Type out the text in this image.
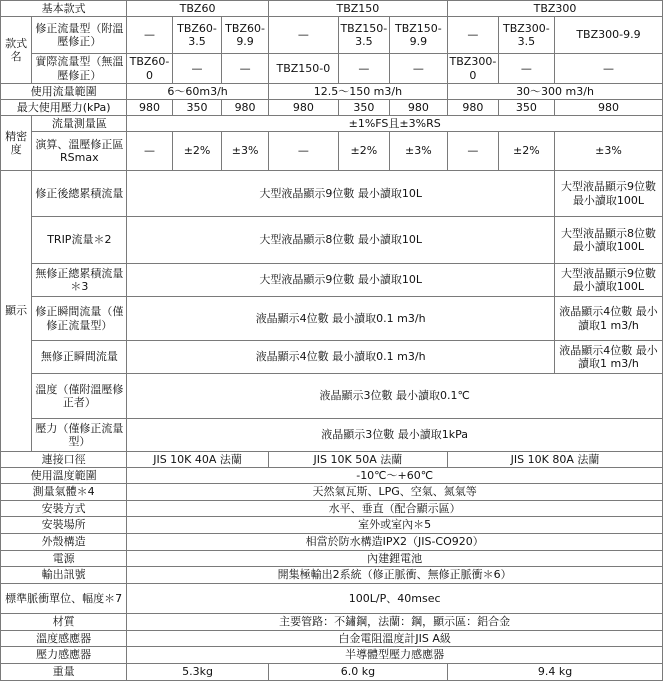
基本款式		TBZ60			TBZ150			TBZ300		
款式名	修正流量型（附溫壓修正）	—	TBZ60-3.5	TBZ60-9.9	—	TBZ150-3.5	TBZ150-9.9	—	TBZ300-3.5	TBZ300-9.9
	實際流量型（無溫壓修正）	TBZ60-0	—	—	TBZ150-0	—	—	TBZ300-0	—	—
使用流量範圍		6〜60m3/h			12.5〜150 m3/h			30〜300 m3/h		
最大使用壓力(kPa)		980	350	980	980	350	980	980	350	980
精密度	流量測量區	±1%FS且±3%RS								
	演算、溫壓修正區RSmax	—	±2%	±3%	—	±2%	±3%	—	±2%	±3%
顯示	修正後總累積流量	大型液晶顯示9位數 最小讀取10L								大型液晶顯示9位數 最小讀取100L
	TRIP流量＊2	大型液晶顯示8位數 最小讀取10L								大型液晶顯示8位數 最小讀取100L
	無修正總累積流量＊3	大型液晶顯示9位數 最小讀取10L								大型液晶顯示9位數 最小讀取100L
	修正瞬間流量（僅修正流量型）	液晶顯示4位數 最小讀取0.1 m3/h								液晶顯示4位數 最小讀取1 m3/h
	無修正瞬間流量	液晶顯示4位數 最小讀取0.1 m3/h								液晶顯示4位數 最小讀取1 m3/h
	溫度（僅附溫壓修正者）	液晶顯示3位數 最小讀取0.1℃								
	壓力（僅修正流量型）	液晶顯示3位數 最小讀取1kPa								
連接口徑		JIS 10K 40A 法蘭			JIS 10K 50A 法蘭			JIS 10K 80A 法蘭		
使用溫度範圍		-10℃〜+60℃								
測量氣體＊4		天然氣瓦斯、LPG、空氣、氮氣等								
安裝方式		水平、垂直（配合顯示區）								
安裝場所		室外或室內＊5								
外殼構造		相當於防水構造IPX2（JIS-CO920）								
電源		內建鋰電池								
輸出訊號		開集極輸出2系統（修正脈衝、無修正脈衝＊6）								
標準脈衝單位、幅度＊7		100L/P、40msec								
材質		主要管路：不鏽鋼，法蘭：鋼，顯示區：鋁合金								
溫度感應器		白金電阻溫度計JIS A級								
壓力感應器		半導體型壓力感應器								
重量		5.3kg			6.0 kg			9.4 kg		
